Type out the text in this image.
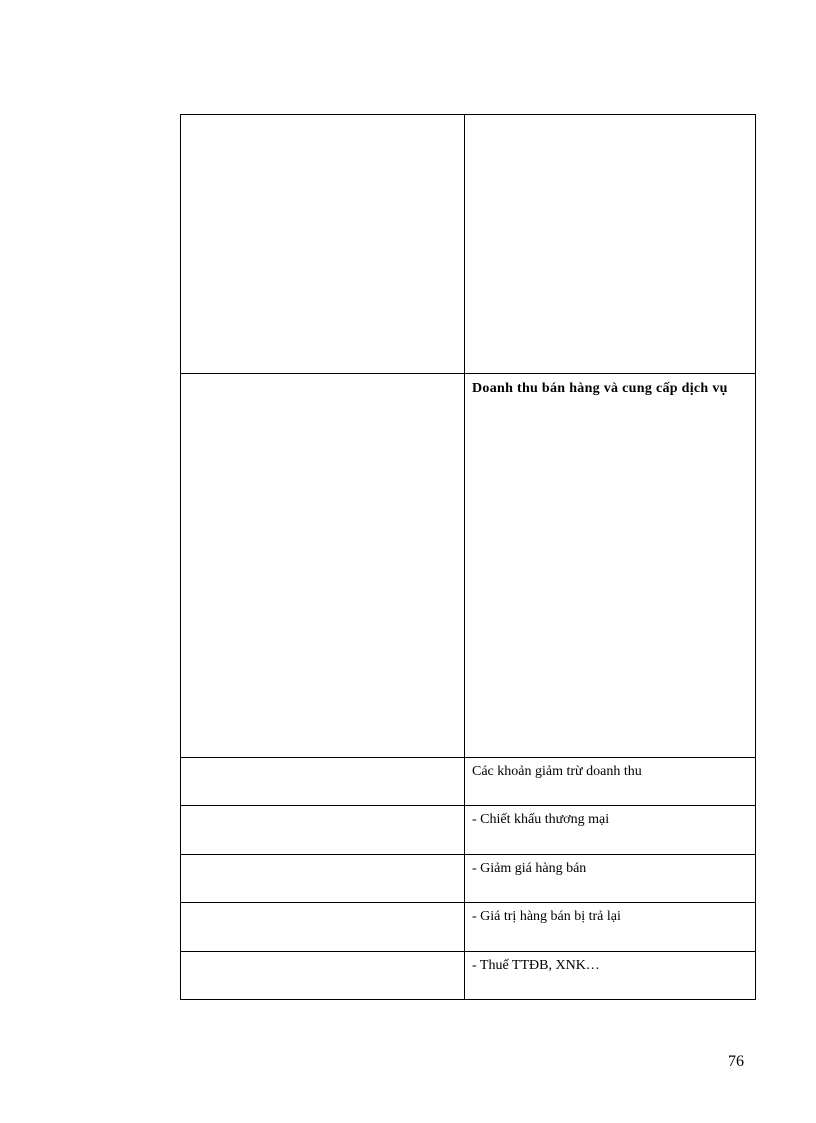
	Doanh thu bán hàng và cung cấp dịch vụ

	Các khoản giảm trừ doanh thu

	- Chiết khấu thương mại

	- Giảm giá hàng bán

	- Giá trị hàng bán bị trả lại

	- Thuế TTĐB, XNK…
76
